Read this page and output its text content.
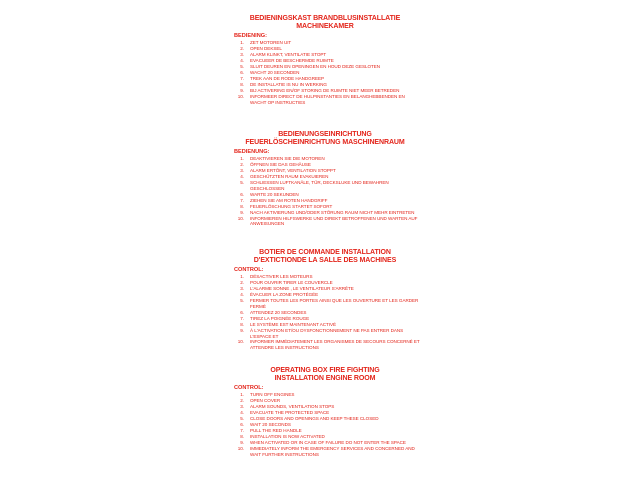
BEDIENINGSKAST BRANDBLUSINSTALLATIE
MACHINEKAMER
BEDIENING:
1.	ZET MOTOREN UIT
2.	OPEN DEKSEL
3.	ALARM KLINKT, VENTILATIE STOPT
4.	EVACUEER DE BESCHERMDE RUIMTE
5.	SLUIT DEUREN EN OPENINGEN EN HOUD DEZE GESLOTEN
6.	WACHT 20 SECONDEN
7.	TREK AAN DE RODE HANDGREEP
8.	DE INSTALLATIE IS NU IN WERKING
9.	BIJ ACTIVERING EN/OF STORING DE RUIMTE NIET MEER BETREDEN
10.	INFORMEER DIRECT DE HULPINSTANTIES EN BELANGHEBBENDEN EN WACHT OP INSTRUCTIES
BEDIENUNGSEINRICHTUNG
FEUERLÖSCHEINRICHTUNG MASCHINENRAUM
BEDIENUNG:
1.	DEAKTIVIEREN SIE DIE MOTOREN
2.	ÖFFNEN SIE DAS GEHÄUSE
3.	ALARM ERTÖNT, VENTILATION STOPPT
4.	GESCHÜTZTEN RAUM EVAKUIEREN
5.	SCHLIESSEN LUFTKANÄLE, TÜR, DECKSLUKE UND BEWAHREN GESCHLOSSEN
6.	WARTE 20 SEKUNDEN
7.	ZIEHEN SIE AM ROTEN HANDGRIFF
8.	FEUERLÖSCHUNG STARTET SOFORT
9.	NACH AKTIVIERUNG UND/ODER STÖRUNG RAUM NICHT MEHR EINTRETEN
10.	INFORMIEREN HILFSWERKE UND DIREKT BETROFFENEN UND WARTEN AUF ANWEISUNGEN
BOTIER DE COMMANDE INSTALLATION
D'EXTICTIONDE LA SALLE DES MACHINES
CONTROL:
1.	DÉSACTIVER LES MOTEURS
2.	POUR OUVRIR TIRER LE COUVERCLE
3.	L'ALARME SONNE , LE VENTILATEUR S'ARRÊTE
4.	ÉVACUER LA ZONE PROTÉGÉE
5.	FERMER TOUTES LES PORTES AINSI QUE LES OUVERTURE ET LES GARDER FERMÉ
6.	ATTENDEZ 20 SECONDES
7.	TIREZ LA POIGNÉE ROUGE
8.	LE SYSTÈME EST MAINTENANT ACTIVÉ
9.	À L'ACTIVATION ET/OU DYSFONCTIONNEMENT NE PAS ENTRER DANS L'ESPACE ET
10.	INFORMER IMMÉDIATEMENT LES ORGANISMES DE SECOURS CONCERNÉ ET ATTENDRE LES INSTRUCTIONS
OPERATING BOX FIRE FIGHTING
INSTALLATION ENGINE ROOM
CONTROL:
1.	TURN OFF ENGINES
2.	OPEN COVER
3.	ALARM SOUNDS, VENTILATION STOPS
4.	EVACUATE THE PROTECTED SPACE
5.	CLOSE DOORS AND OPENINGS AND KEEP THESE CLOSED
6.	WAIT 20 SECONDS
7.	PULL THE RED HANDLE
8.	INSTALLATION IS NOW ACTIVATED
9.	WHEN ACTIVATED OR IN CASE OF FAILURE DO NOT ENTER THE SPACE
10.	IMMEDIATELY INFORM THE EMERGENCY SERVICES AND CONCERNED AND WAIT FURTHER INSTRUCTIONS
